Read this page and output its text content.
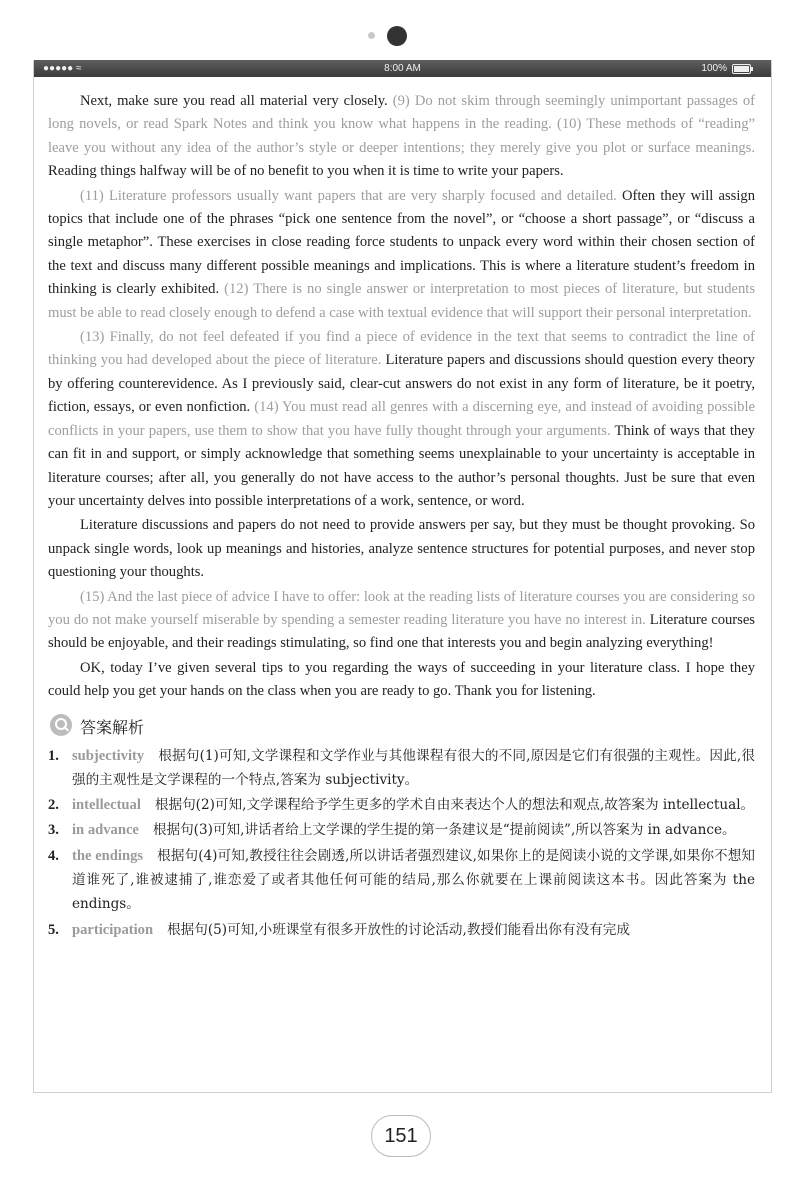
●●●●● ≈	8:00 AM	100%

Next, make sure you read all material very closely. (9) Do not skim through seemingly unimportant passages of long novels, or read Spark Notes and think you know what happens in the reading. (10) These methods of “reading” leave you without any idea of the author’s style or deeper intentions; they merely give you plot or surface meanings. Reading things halfway will be of no benefit to you when it is time to write your papers.

(11) Literature professors usually want papers that are very sharply focused and detailed. Often they will assign topics that include one of the phrases “pick one sentence from the novel”, or “choose a short passage”, or “discuss a single metaphor”. These exercises in close reading force students to unpack every word within their chosen section of the text and discuss many different possible meanings and implications. This is where a literature student’s freedom in thinking is clearly exhibited. (12) There is no single answer or interpretation to most pieces of literature, but students must be able to read closely enough to defend a case with textual evidence that will support their personal interpretation.

(13) Finally, do not feel defeated if you find a piece of evidence in the text that seems to contradict the line of thinking you had developed about the piece of literature. Literature papers and discussions should question every theory by offering counterevidence. As I previously said, clear-cut answers do not exist in any form of literature, be it poetry, fiction, essays, or even nonfiction. (14) You must read all genres with a discerning eye, and instead of avoiding possible conflicts in your papers, use them to show that you have fully thought through your arguments. Think of ways that they can fit in and support, or simply acknowledge that something seems unexplainable to your uncertainty is acceptable in literature courses; after all, you generally do not have access to the author’s personal thoughts. Just be sure that even your uncertainty delves into possible interpretations of a work, sentence, or word.

Literature discussions and papers do not need to provide answers per say, but they must be thought provoking. So unpack single words, look up meanings and histories, analyze sentence structures for potential purposes, and never stop questioning your thoughts.

(15) And the last piece of advice I have to offer: look at the reading lists of literature courses you are considering so you do not make yourself miserable by spending a semester reading literature you have no interest in. Literature courses should be enjoyable, and their readings stimulating, so find one that interests you and begin analyzing everything!

OK, today I’ve given several tips to you regarding the ways of succeeding in your literature class. I hope they could help you get your hands on the class when you are ready to go. Thank you for listening.

答案解析
1. subjectivity 根据句(1)可知,文学课程和文学作业与其他课程有很大的不同,原因是它们有很强的主观性。因此,很强的主观性是文学课程的一个特点,答案为 subjectivity。
2. intellectual 根据句(2)可知,文学课程给予学生更多的学术自由来表达个人的想法和观点,故答案为 intellectual。
3. in advance 根据句(3)可知,讲话者给上文学课的学生提的第一条建议是“提前阅读”,所以答案为 in advance。
4. the endings 根据句(4)可知,教授往往会剧透,所以讲话者强烈建议,如果你上的是阅读小说的文学课,如果你不想知道谁死了,谁被逮捕了,谁恋爱了或者其他任何可能的结局,那么你就要在上课前阅读这本书。因此答案为 the endings。
5. participation 根据句(5)可知,小班课堂有很多开放性的讨论活动,教授们能看出你有没有完成
151
